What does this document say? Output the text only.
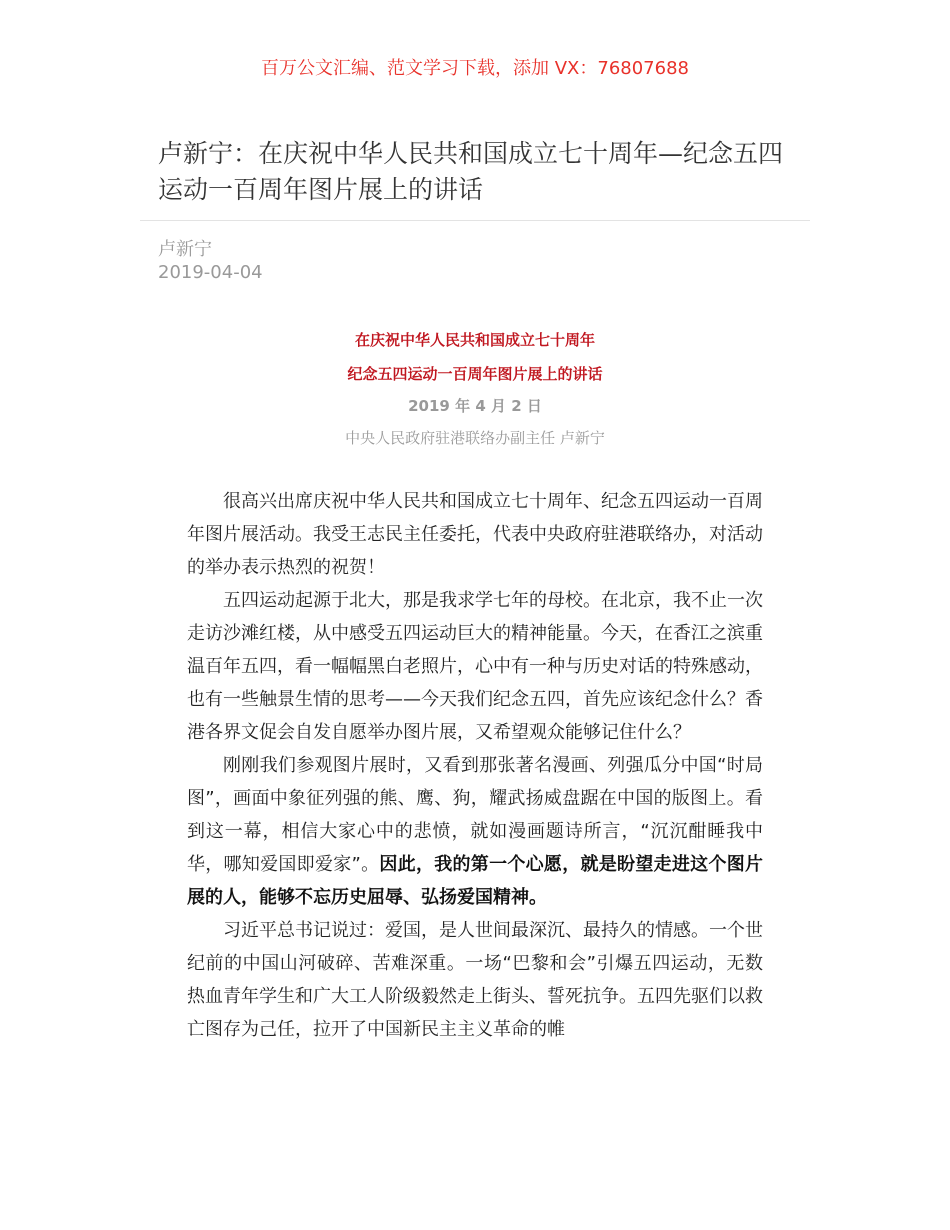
百万公文汇编、范文学习下载，添加 VX：76807688
卢新宁：在庆祝中华人民共和国成立七十周年—纪念五四运动一百周年图片展上的讲话
卢新宁
2019-04-04
在庆祝中华人民共和国成立七十周年
纪念五四运动一百周年图片展上的讲话
2019 年 4 月 2 日
中央人民政府驻港联络办副主任 卢新宁

很高兴出席庆祝中华人民共和国成立七十周年、纪念五四运动一百周年图片展活动。我受王志民主任委托，代表中央政府驻港联络办，对活动的举办表示热烈的祝贺！

五四运动起源于北大，那是我求学七年的母校。在北京，我不止一次走访沙滩红楼，从中感受五四运动巨大的精神能量。今天，在香江之滨重温百年五四，看一幅幅黑白老照片，心中有一种与历史对话的特殊感动，也有一些触景生情的思考——今天我们纪念五四，首先应该纪念什么？香港各界文促会自发自愿举办图片展，又希望观众能够记住什么？

刚刚我们参观图片展时，又看到那张著名漫画、列强瓜分中国“时局图”，画面中象征列强的熊、鹰、狗，耀武扬威盘踞在中国的版图上。看到这一幕，相信大家心中的悲愤，就如漫画题诗所言，“沉沉酣睡我中华，哪知爱国即爱家”。因此，我的第一个心愿，就是盼望走进这个图片展的人，能够不忘历史屈辱、弘扬爱国精神。

习近平总书记说过：爱国，是人世间最深沉、最持久的情感。一个世纪前的中国山河破碎、苦难深重。一场“巴黎和会”引爆五四运动，无数热血青年学生和广大工人阶级毅然走上街头、誓死抗争。五四先驱们以救亡图存为己任，拉开了中国新民主主义革命的帷
